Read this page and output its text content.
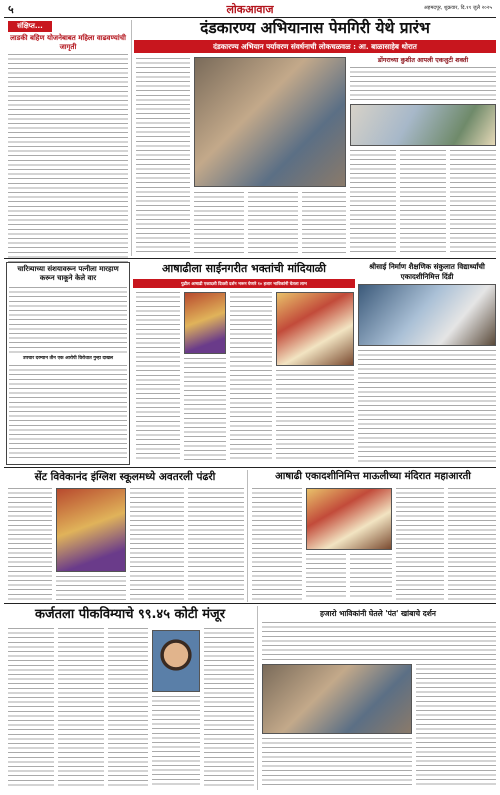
५	लोकआवाज	अहमदपूर, शुक्रवार, दि.११ जुलै २०२५
संक्षिप्त...
लाडकी बहिण योजनेबाबत महिला वाढवण्यांची जागृती
दंडकारण्य अभियानास पेमगिरी येथे प्रारंभ
दंडकारण्य अभियान पर्यावरण संवर्धनाची लोकचळवळ : आ. बाळासाहेब थोरात
डोंगराच्या कुशीत आपली एकजुटी शक्ती
चारित्र्याच्या संशयावरून पत्नीला मारहाण करून चाकूने केले वार
उपचार दरम्यान तीन एक आरोपी विरोधात गुन्हा दाखल
आषाढीला साईनगरीत भक्तांची मांदियाळी
पुढील आषाढी एकादशी दिवशी दर्शन भरून घेणारे १० हजार भाविकांनी घेतला लाभ
श्रीसाई निर्माण शैक्षणिक संकुलात विद्यार्थ्यांची एकादशीनिमित्त दिंडी
सेंट विवेकानंद इंग्लिश स्कूलमध्ये अवतरली पंढरी	आषाढी एकादशीनिमित्त माऊलीच्या मंदिरात महाआरती
कर्जतला पीकविम्याचे ९९.४५ कोटी मंजूर	हजारो भाविकांनी घेतले 'पंत' खांबाचे दर्शन
